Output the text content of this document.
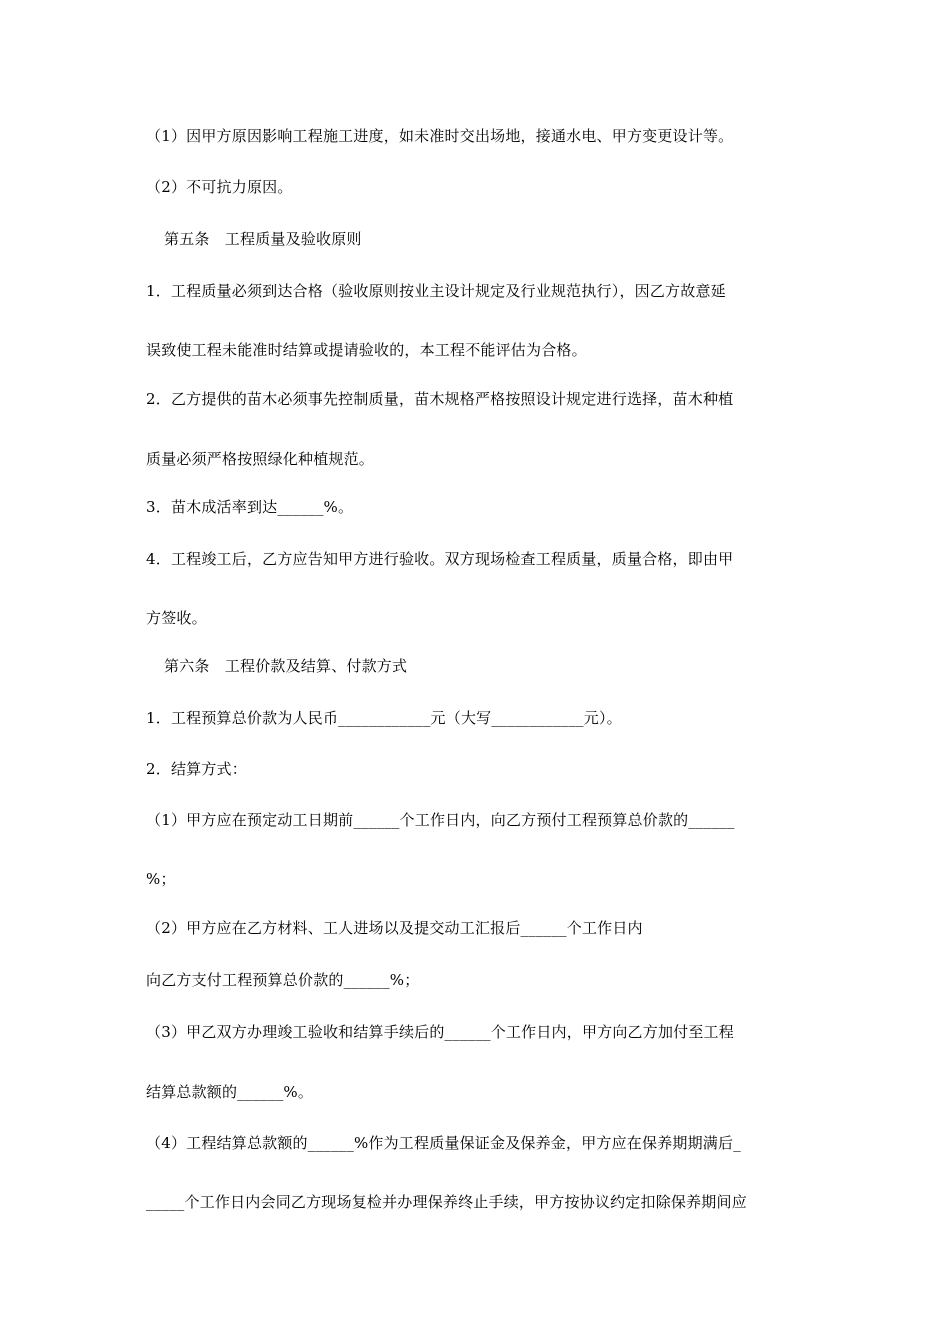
（1）因甲方原因影响工程施工进度，如未准时交出场地，接通水电、甲方变更设计等。
（2）不可抗力原因。
第五条　工程质量及验收原则
1．工程质量必须到达合格（验收原则按业主设计规定及行业规范执行），因乙方故意延
误致使工程未能准时结算或提请验收的，本工程不能评估为合格。
2．乙方提供的苗木必须事先控制质量，苗木规格严格按照设计规定进行选择，苗木种植
质量必须严格按照绿化种植规范。
3．苗木成活率到达______%。
4．工程竣工后，乙方应告知甲方进行验收。双方现场检查工程质量，质量合格，即由甲
方签收。
第六条　工程价款及结算、付款方式
1．工程预算总价款为人民币____________元（大写____________元）。
2．结算方式：
（1）甲方应在预定动工日期前______个工作日内，向乙方预付工程预算总价款的______
%；
（2）甲方应在乙方材料、工人进场以及提交动工汇报后______个工作日内
向乙方支付工程预算总价款的______%；
（3）甲乙双方办理竣工验收和结算手续后的______个工作日内，甲方向乙方加付至工程
结算总款额的______%。
（4）工程结算总款额的______%作为工程质量保证金及保养金，甲方应在保养期期满后_
_____个工作日内会同乙方现场复检并办理保养终止手续，甲方按协议约定扣除保养期间应
